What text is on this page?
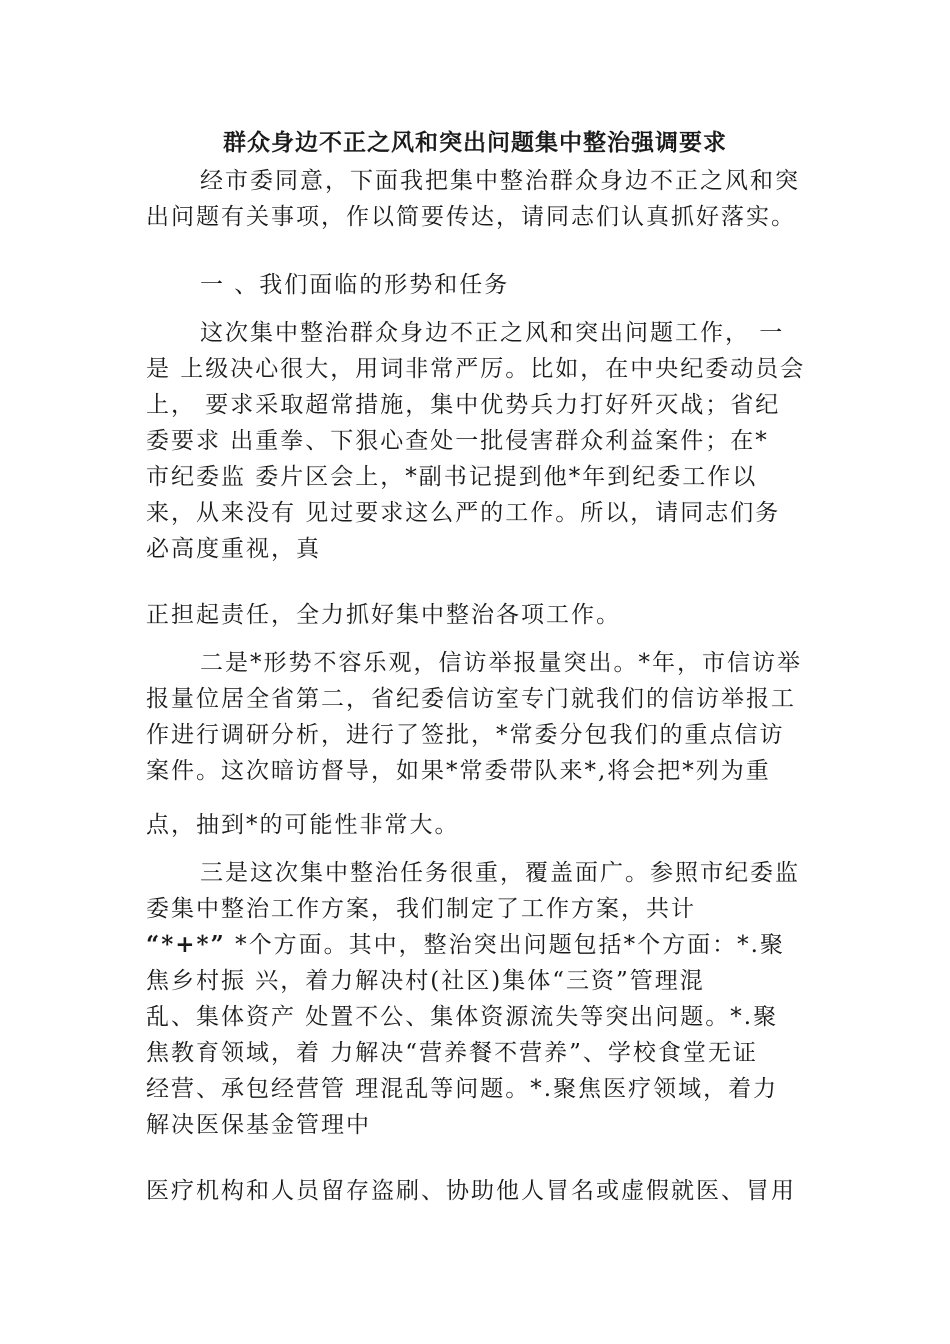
群众身边不正之风和突出问题集中整治强调要求
经市委同意，下面我把集中整治群众身边不正之风和突
出问题有关事项，作以简要传达，请同志们认真抓好落实。
一 、我们面临的形势和任务
这次集中整治群众身边不正之风和突出问题工作， 一
是 上级决心很大，用词非常严厉。比如，在中央纪委动员会
上， 要求采取超常措施，集中优势兵力打好歼灭战；省纪
委要求 出重拳、下狠心查处一批侵害群众利益案件；在*
市纪委监 委片区会上，*副书记提到他*年到纪委工作以
来，从来没有 见过要求这么严的工作。所以，请同志们务
必高度重视，真
正担起责任，全力抓好集中整治各项工作。
二是*形势不容乐观，信访举报量突出。*年，市信访举
报量位居全省第二，省纪委信访室专门就我们的信访举报工
作进行调研分析，进行了签批，*常委分包我们的重点信访
案件。这次暗访督导，如果*常委带队来*,将会把*列为重
点，抽到*的可能性非常大。
三是这次集中整治任务很重，覆盖面广。参照市纪委监
委集中整治工作方案，我们制定了工作方案，共计
“*+*” *个方面。其中，整治突出问题包括*个方面：*.聚
焦乡村振 兴，着力解决村(社区)集体“三资”管理混
乱、集体资产 处置不公、集体资源流失等突出问题。*.聚
焦教育领域，着 力解决“营养餐不营养”、学校食堂无证
经营、承包经营管 理混乱等问题。*.聚焦医疗领域，着力
解决医保基金管理中
医疗机构和人员留存盗刷、协助他人冒名或虚假就医、冒用
